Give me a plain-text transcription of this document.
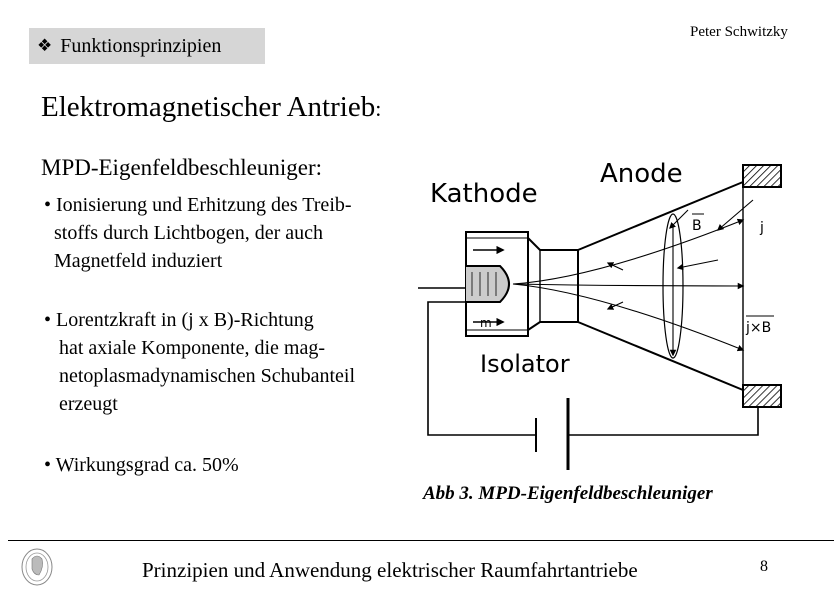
❖ Funktionsprinzipien
Peter Schwitzky
Elektromagnetischer Antrieb:
MPD-Eigenfeldbeschleuniger:
• Ionisierung und Erhitzung des Treib-
stoffs durch Lichtbogen, der auch
Magnetfeld induziert
• Lorentzkraft in (j x B)-Richtung
hat axiale Komponente, die mag-
netoplasmadynamischen Schubanteil
erzeugt
• Wirkungsgrad ca. 50%
Kathode
Anode
Isolator
B	j
j×B
m
Abb 3. MPD-Eigenfeldbeschleuniger
Prinzipien und Anwendung elektrischer Raumfahrtantriebe	8
